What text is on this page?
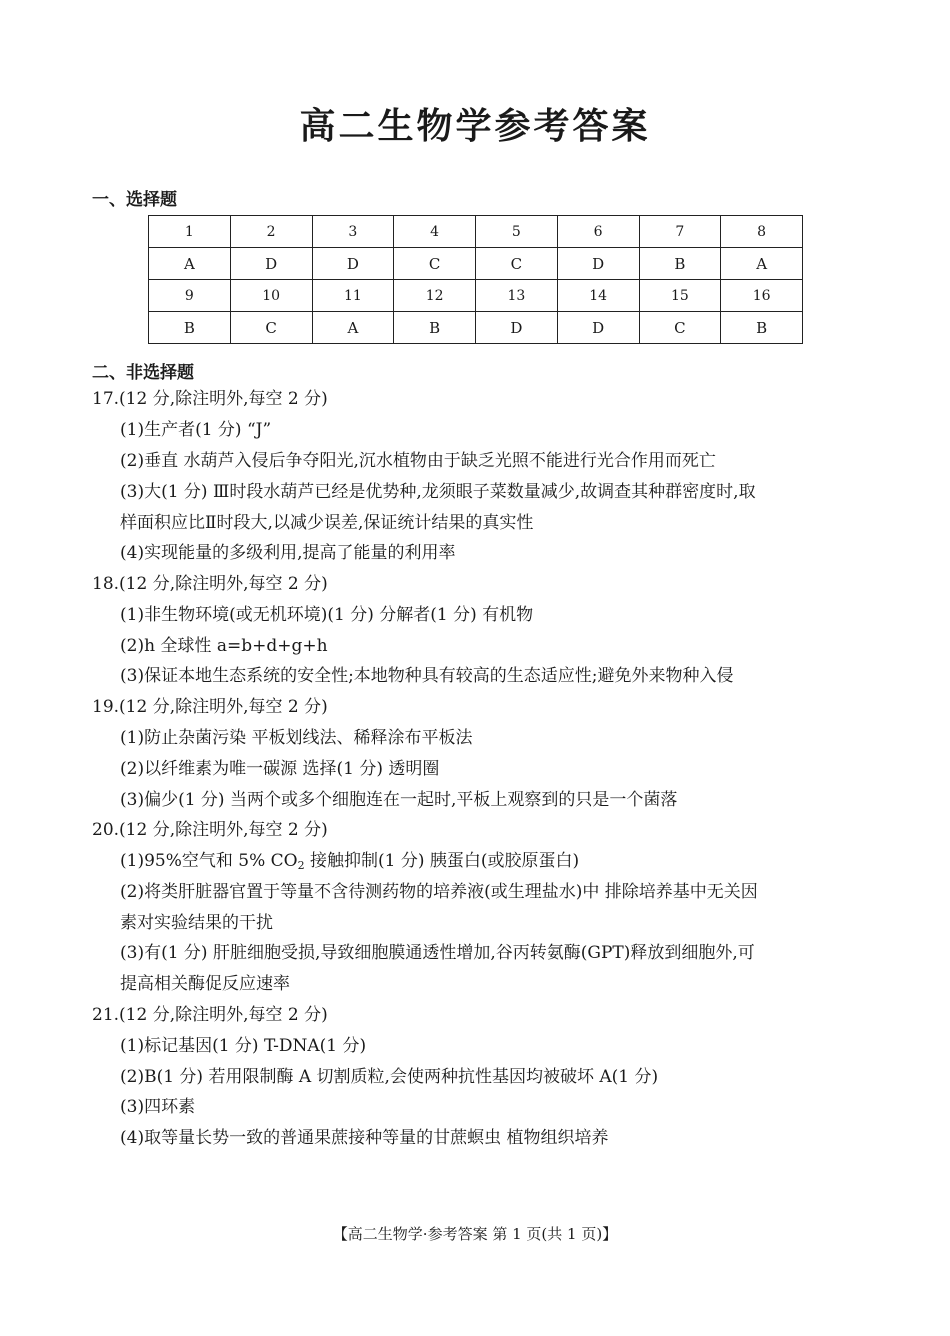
高二生物学参考答案
一、选择题
1	2	3	4	5	6	7	8
A	D	D	C	C	D	B	A
9	10	11	12	13	14	15	16
B	C	A	B	D	D	C	B
二、非选择题
17.(12 分,除注明外,每空 2 分)
(1)生产者(1 分) “J”
(2)垂直 水葫芦入侵后争夺阳光,沉水植物由于缺乏光照不能进行光合作用而死亡
(3)大(1 分) Ⅲ时段水葫芦已经是优势种,龙须眼子菜数量减少,故调查其种群密度时,取
样面积应比Ⅱ时段大,以减少误差,保证统计结果的真实性
(4)实现能量的多级利用,提高了能量的利用率
18.(12 分,除注明外,每空 2 分)
(1)非生物环境(或无机环境)(1 分) 分解者(1 分) 有机物
(2)h 全球性 a=b+d+g+h
(3)保证本地生态系统的安全性;本地物种具有较高的生态适应性;避免外来物种入侵
19.(12 分,除注明外,每空 2 分)
(1)防止杂菌污染 平板划线法、稀释涂布平板法
(2)以纤维素为唯一碳源 选择(1 分) 透明圈
(3)偏少(1 分) 当两个或多个细胞连在一起时,平板上观察到的只是一个菌落
20.(12 分,除注明外,每空 2 分)
(1)95%空气和 5% $CO_2$ 接触抑制(1 分) 胰蛋白(或胶原蛋白)
(2)将类肝脏器官置于等量不含待测药物的培养液(或生理盐水)中 排除培养基中无关因
素对实验结果的干扰
(3)有(1 分) 肝脏细胞受损,导致细胞膜通透性增加,谷丙转氨酶(GPT)释放到细胞外,可
提高相关酶促反应速率
21.(12 分,除注明外,每空 2 分)
(1)标记基因(1 分) T-DNA(1 分)
(2)B(1 分) 若用限制酶 A 切割质粒,会使两种抗性基因均被破坏 A(1 分)
(3)四环素
(4)取等量长势一致的普通果蔗接种等量的甘蔗螟虫 植物组织培养
【高二生物学·参考答案 第 1 页(共 1 页)】
